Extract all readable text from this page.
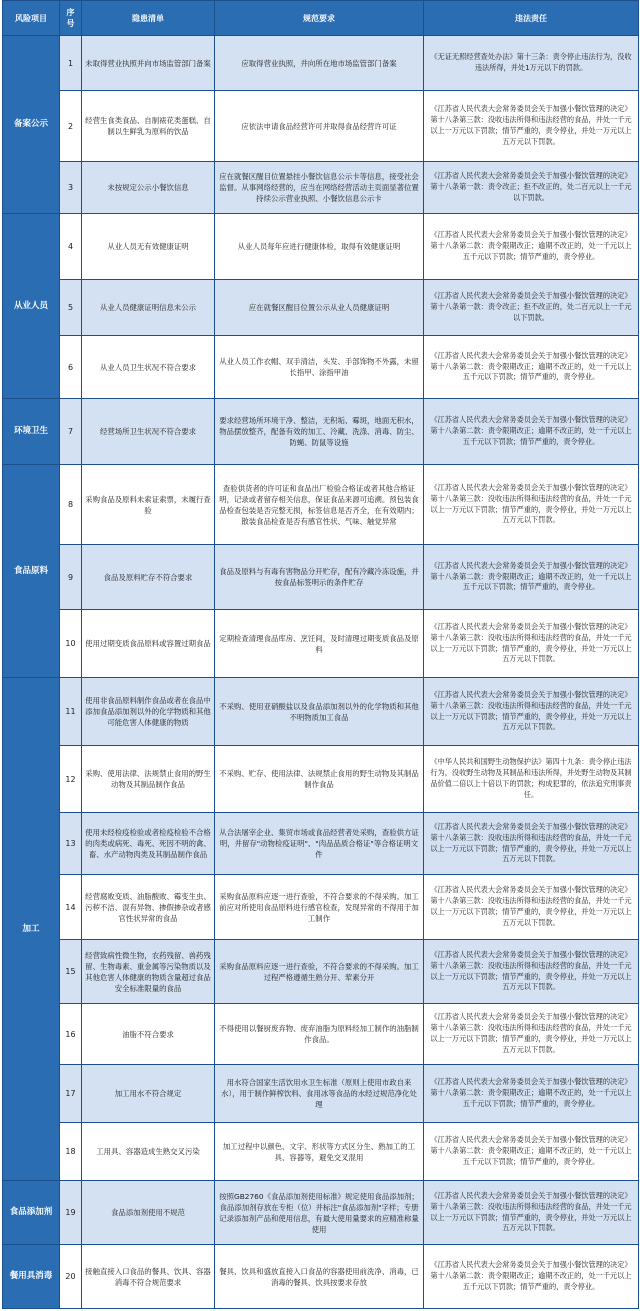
风险项目	序号	隐患清单	规范要求	违法责任
备案公示	1	未取得营业执照并向市场监管部门备案	应取得营业执照，并向所在地市场监管部门备案	《无证无照经营查处办法》第十三条：责令停止违法行为，没收违法所得，并处1万元以下的罚款。
	2	经营生食类食品、自制裱花类蛋糕、自制以生鲜乳为原料的饮品	应依法申请食品经营许可并取得食品经营许可证	《江苏省人民代表大会常务委员会关于加强小餐饮管理的决定》第十八条第三款：没收违法所得和违法经营的食品，并处一千元以上一万元以下罚款；情节严重的，责令停业，并处一万元以上五万元以下罚款。
	3	未按规定公示小餐饮信息	应在就餐区醒目位置悬挂小餐饮信息公示卡等信息，接受社会监督。从事网络经营的，应当在网络经营活动主页面显著位置持续公示营业执照、小餐饮信息公示卡	《江苏省人民代表大会常务委员会关于加强小餐饮管理的决定》第十八条第一款：责令改正；拒不改正的，处二百元以上一千元以下罚款。
从业人员	4	从业人员无有效健康证明	从业人员每年应进行健康体检，取得有效健康证明	《江苏省人民代表大会常务委员会关于加强小餐饮管理的决定》第十八条第二款：责令限期改正；逾期不改正的，处一千元以上五千元以下罚款；情节严重的，责令停业。
	5	从业人员健康证明信息未公示	应在就餐区醒目位置公示从业人员健康证明	《江苏省人民代表大会常务委员会关于加强小餐饮管理的决定》第十八条第一款：责令改正；拒不改正的，处二百元以上一千元以下罚款。
	6	从业人员卫生状况不符合要求	从业人员工作衣帽、双手清洁，头发、手部饰物不外露，未留长指甲、涂指甲油	《江苏省人民代表大会常务委员会关于加强小餐饮管理的决定》第十八条第二款：责令限期改正；逾期不改正的，处一千元以上五千元以下罚款；情节严重的，责令停业。
环境卫生	7	经营场所卫生状况不符合要求	要求经营场所环境干净、整洁，无积垢、霉斑，地面无积水，物品摆放整齐，配备有效的加工、冷藏、洗涤、消毒、防尘、防蝇、防鼠等设施	《江苏省人民代表大会常务委员会关于加强小餐饮管理的决定》第十八条第二款：责令限期改正；逾期不改正的，处一千元以上五千元以下罚款；情节严重的，责令停业。
食品原料	8	采购食品及原料未索证索票，未履行查验	查验供货者的许可证和食品出厂检验合格证或者其他合格证明，记录或者留存相关信息，保证食品来源可追溯。预包装食品检查包装是否完整无损，标签信息是否齐全，在有效期内；散装食品检查是否有感官性状、气味、触觉异常	《江苏省人民代表大会常务委员会关于加强小餐饮管理的决定》第十八条第三款：没收违法所得和违法经营的食品，并处一千元以上一万元以下罚款；情节严重的，责令停业，并处一万元以上五万元以下罚款。
	9	食品及原料贮存不符合要求	食品及原料与有毒有害物品分开贮存，配有冷藏冷冻设施，并按食品标签明示的条件贮存	《江苏省人民代表大会常务委员会关于加强小餐饮管理的决定》第十八条第二款：责令限期改正；逾期不改正的，处一千元以上五千元以下罚款；情节严重的，责令停业。
	10	使用过期变质食品原料或容置过期食品	定期检查清理食品库房、烹饪间，及时清理过期变质食品及原料	《江苏省人民代表大会常务委员会关于加强小餐饮管理的决定》第十八条第三款：没收违法所得和违法经营的食品，并处一千元以上一万元以下罚款；情节严重的，责令停业，并处一万元以上五万元以下罚款。
加工	11	使用非食品原料制作食品或者在食品中添加食品添加剂以外的化学物质和其他可能危害人体健康的物质	不采购、使用亚硝酸盐以及食品添加剂以外的化学物质和其他不明物质加工食品	《江苏省人民代表大会常务委员会关于加强小餐饮管理的决定》第十八条第三款：没收违法所得和违法经营的食品，并处一千元以上一万元以下罚款；情节严重的，责令停业，并处一万元以上五万元以下罚款。
	12	采购、使用法律、法规禁止食用的野生动物及其制品制作食品	不采购、贮存、使用法律、法规禁止食用的野生动物及其制品制作食品	《中华人民共和国野生动物保护法》第四十九条：责令停止违法行为，没收野生动物及其制品和违法所得，并处野生动物及其制品价值二倍以上十倍以下的罚款；构成犯罪的，依法追究刑事责任。
	13	使用未经检疫检验或者检疫检验不合格的肉类或病死、毒死、死因不明的禽、畜、水产动物肉类及其制品制作食品	从合法屠宰企业、集贸市场或食品经营者处采购，查验供方证明，并留存"动物检疫证明"、"肉品品质合格证"等合格证明文件	《江苏省人民代表大会常务委员会关于加强小餐饮管理的决定》第十八条第三款：没收违法所得和违法经营的食品，并处一千元以上一万元以下罚款；情节严重的，责令停业，并处一万元以上五万元以下罚款。
	14	经营腐败变质、油脂酸败、霉变生虫、污秽不洁、混有异物、掺假掺杂或者感官性状异常的食品	采购食品原料应逐一进行查验，不符合要求的不得采购。加工前应对所使用食品原料进行感官检查，发现异常的不得用于加工制作	《江苏省人民代表大会常务委员会关于加强小餐饮管理的决定》第十八条第三款：没收违法所得和违法经营的食品，并处一千元以上一万元以下罚款；情节严重的，责令停业，并处一万元以上五万元以下罚款。
	15	经营致病性微生物，农药残留、兽药残留、生物毒素、重金属等污染物质以及其他危害人体健康的物质含量超过食品安全标准限量的食品	采购食品原料应逐一进行查验，不符合要求的不得采购。加工过程严格遵循生熟分开、荤素分开	《江苏省人民代表大会常务委员会关于加强小餐饮管理的决定》第十八条第三款：没收违法所得和违法经营的食品，并处一千元以上一万元以下罚款；情节严重的，责令停业，并处一万元以上五万元以下罚款。
	16	油脂不符合要求	不得使用以餐厨废弃物、废弃油脂为原料经加工制作的油脂制作食品。	《江苏省人民代表大会常务委员会关于加强小餐饮管理的决定》第十八条第三款：没收违法所得和违法经营的食品，并处一千元以上一万元以下罚款；情节严重的，责令停业，并处一万元以上五万元以下罚款。
	17	加工用水不符合规定	用水符合国家生活饮用水卫生标准（原则上使用市政自来水），用于制作鲜榨饮料、食用冰等食品的水经过规范净化处理	《江苏省人民代表大会常务委员会关于加强小餐饮管理的决定》第十八条第二款：责令限期改正；逾期不改正的，处一千元以上五千元以下罚款；情节严重的，责令停业。
	18	工用具、容器造成生熟交叉污染	加工过程中以颜色、文字、形状等方式区分生、熟加工的工具、容器等，避免交叉混用	《江苏省人民代表大会常务委员会关于加强小餐饮管理的决定》第十八条第二款：责令限期改正；逾期不改正的，处一千元以上五千元以下罚款；情节严重的，责令停业。
食品添加剂	19	食品添加剂使用不规范	按照GB2760《食品添加剂使用标准》规定使用食品添加剂；食品添加剂存放在专柜（位）并标注"食品添加剂"字样；专册记录添加剂产品和使用信息，有最大使用量要求的应精准称量使用	《江苏省人民代表大会常务委员会关于加强小餐饮管理的决定》第十八条第三款：没收违法所得和违法经营的食品，并处一千元以上一万元以下罚款；情节严重的，责令停业，并处一万元以上五万元以下罚款。
餐用具消毒	20	接触直接入口食品的餐具、饮具、容器消毒不符合规范要求	餐具、饮具和盛放直接入口食品的容器使用前洗净、消毒，已消毒的餐具、饮具按要求存放	《江苏省人民代表大会常务委员会关于加强小餐饮管理的决定》第十八条第二款：责令限期改正；逾期不改正的，处一千元以上五千元以下罚款；情节严重的，责令停业。
